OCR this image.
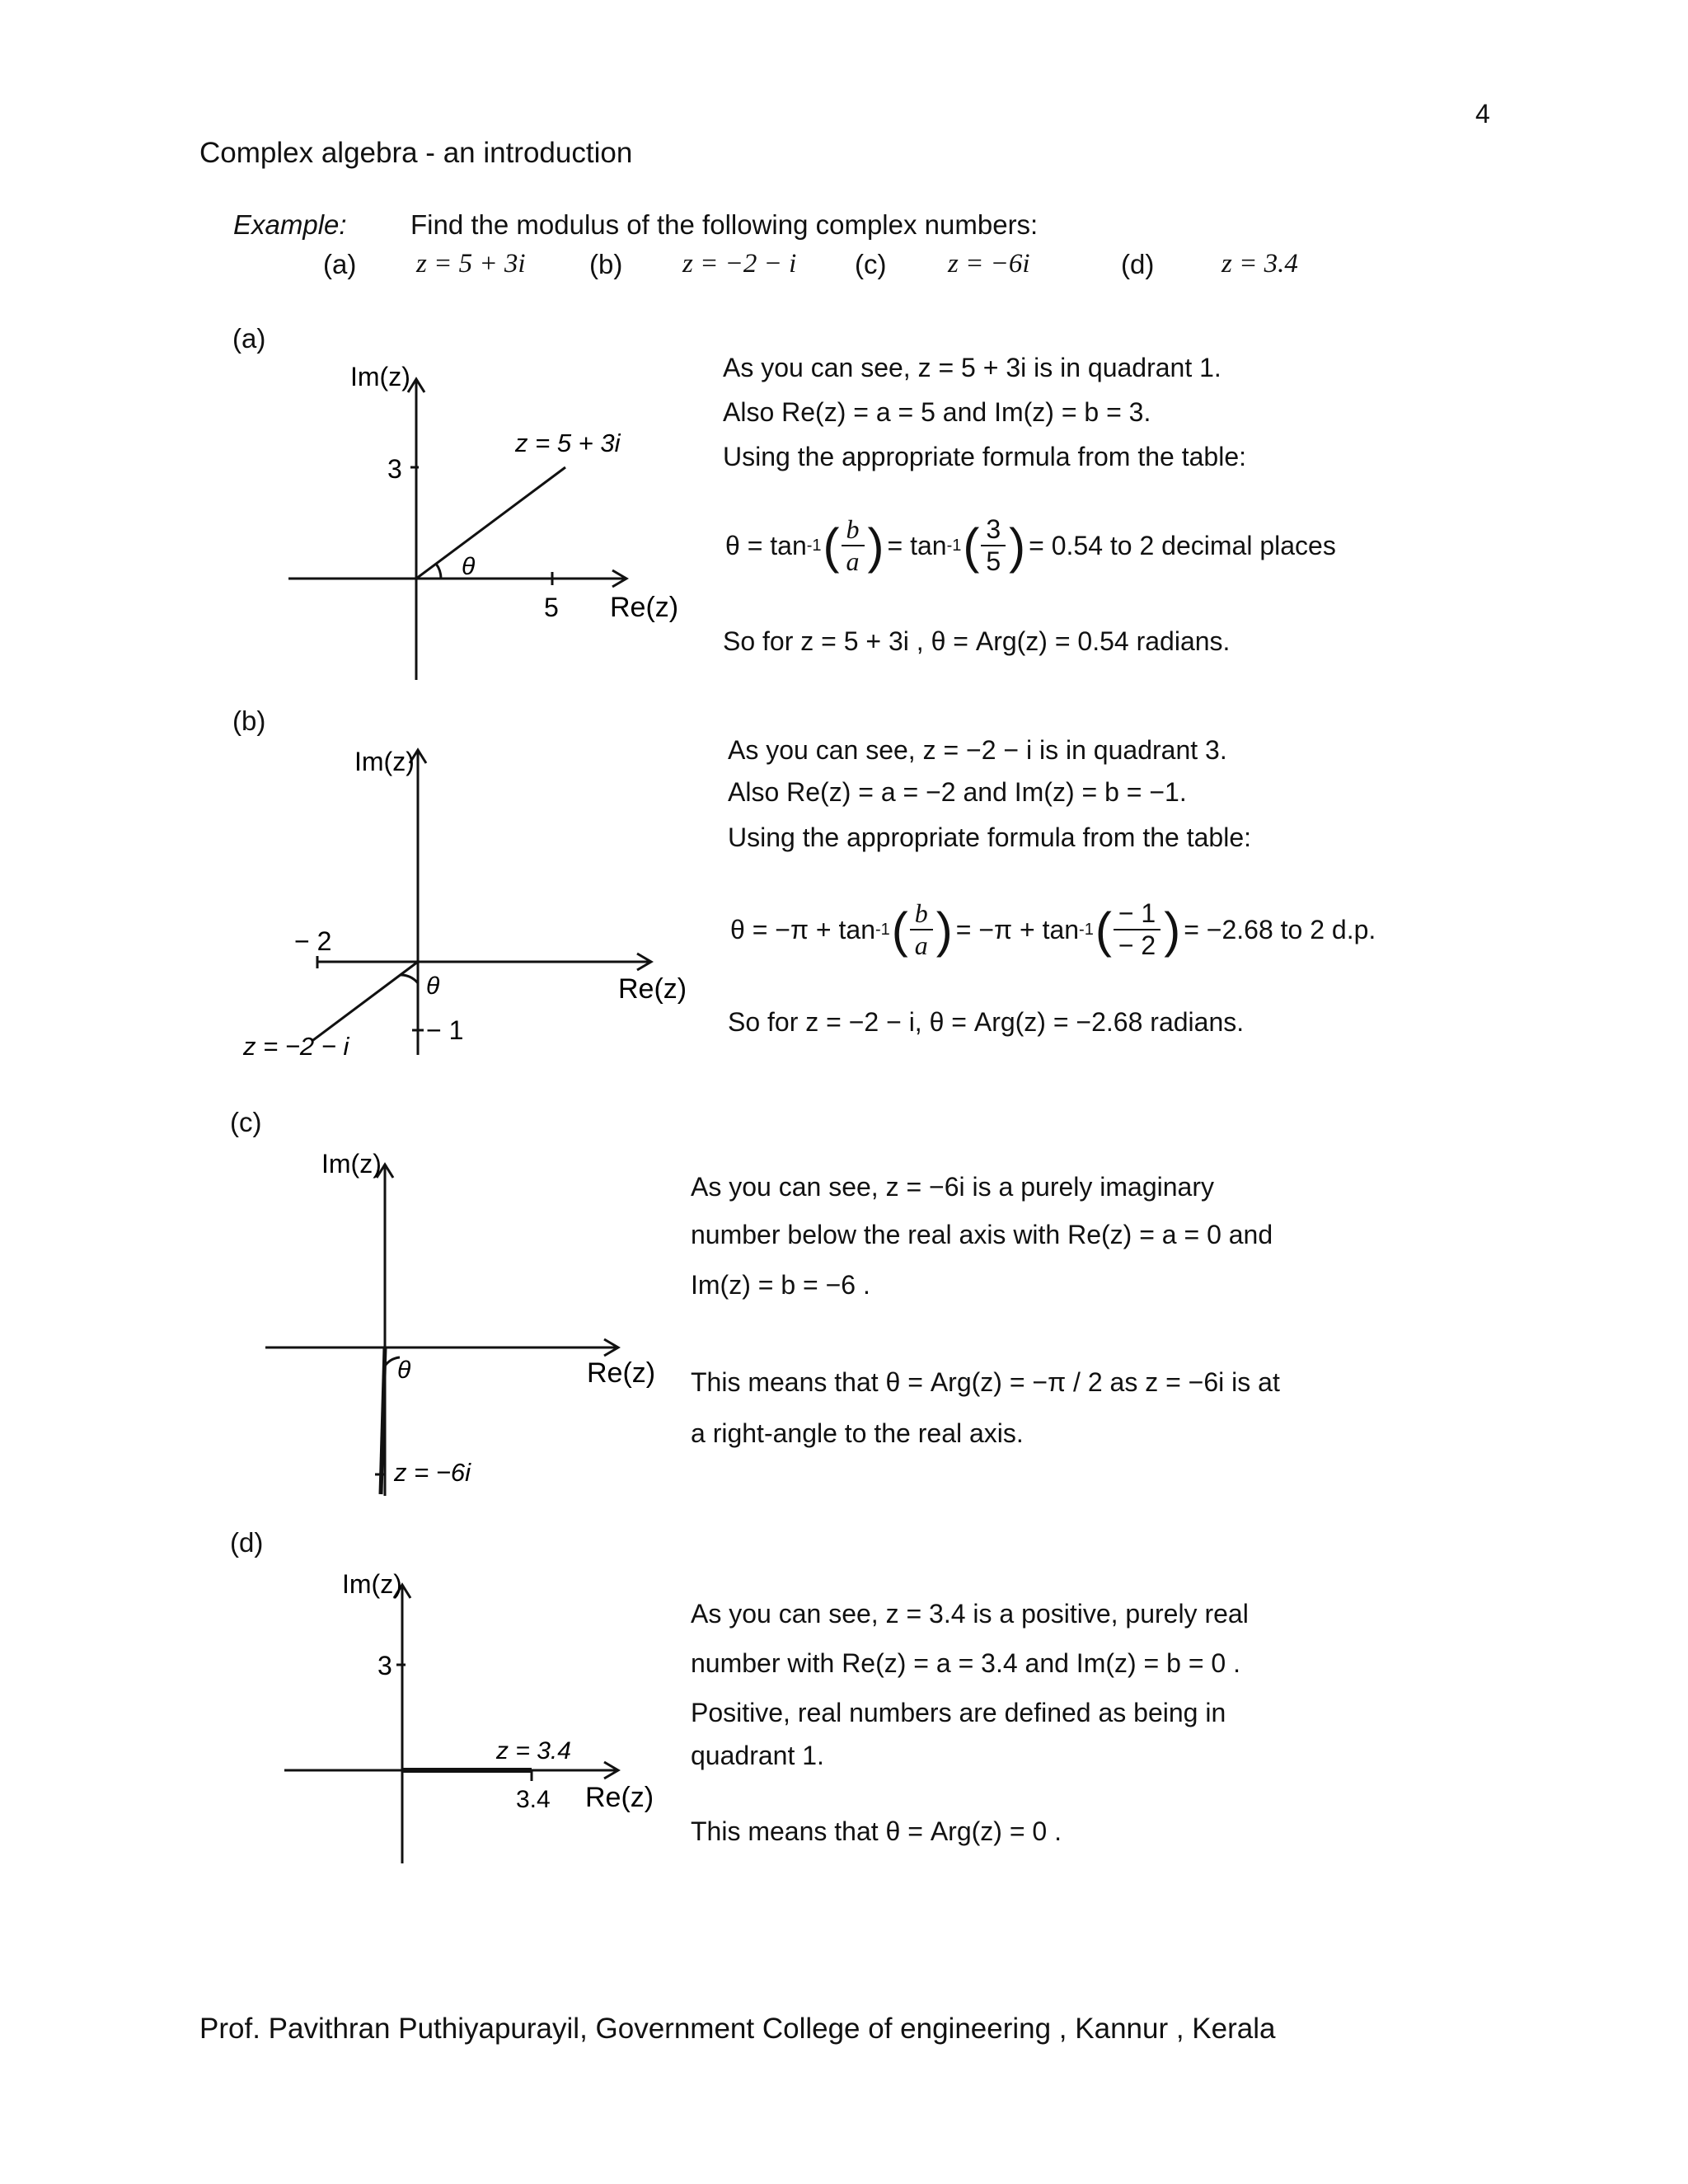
4
Complex algebra - an introduction
Example: Find the modulus of the following complex numbers:
(a) z = 5 + 3i (b) z = −2 − i (c) z = −6i	(d) z = 3.4
(a)
Im(z)
3
z = 5 + 3i
θ
5 Re(z)
As you can see, z = 5 + 3i is in quadrant 1.
Also Re(z) = a = 5 and Im(z) = b = 3.
Using the appropriate formula from the table:
θ = tan -1 ( $\frac{b}{a}$ ) = tan -1 ( $\frac{3}{5}$ ) = 0.54 to 2 decimal places
So for z = 5 + 3i , θ = Arg(z) = 0.54 radians.
(b)
Im(z)
− 2
θ	Re(z)
− 1
z = −2 − i
As you can see, z = −2 − i is in quadrant 3.
Also Re(z) = a = −2 and Im(z) = b = −1.
Using the appropriate formula from the table:
θ = −π + tan -1 ( $\frac{b}{a}$ ) = −π + tan -1 ( $\frac{- 1}{- 2}$ ) = −2.68 to 2 d.p.
So for z = −2 − i, θ = Arg(z) = −2.68 radians.
(c)
Im(z)
θ	Re(z)
z = −6i
As you can see, z = −6i is a purely imaginary
number below the real axis with Re(z) = a = 0 and
Im(z) = b = −6 .
This means that θ = Arg(z) = −π / 2 as z = −6i is at
a right-angle to the real axis.
(d)
Im(z)
3
z = 3.4
3.4 Re(z)
As you can see, z = 3.4 is a positive, purely real
number with Re(z) = a = 3.4 and Im(z) = b = 0 .
Positive, real numbers are defined as being in
quadrant 1.
This means that θ = Arg(z) = 0 .
Prof. Pavithran Puthiyapurayil, Government College of engineering , Kannur , Kerala
